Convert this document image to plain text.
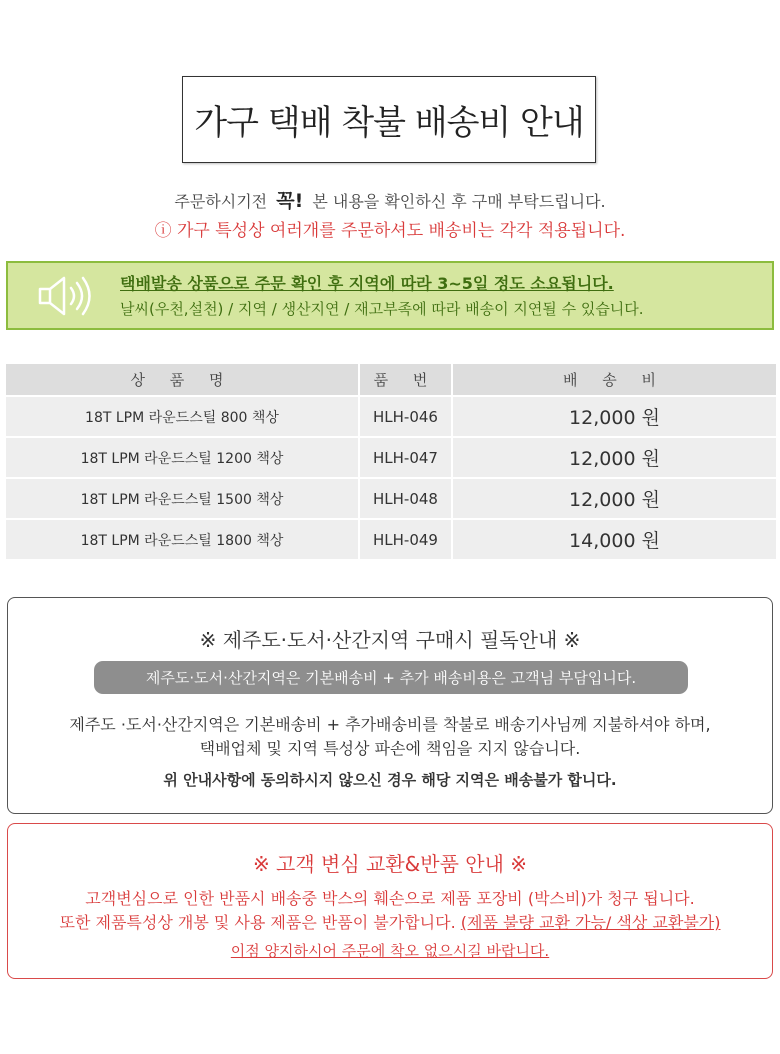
가구 택배 착불 배송비 안내
주문하시기전 꼭! 본 내용을 확인하신 후 구매 부탁드립니다.
ⓘ 가구 특성상 여러개를 주문하셔도 배송비는 각각 적용됩니다.
택배발송 상품으로 주문 확인 후 지역에 따라 3~5일 정도 소요됩니다.
날씨(우천,설천) / 지역 / 생산지연 / 재고부족에 따라 배송이 지연될 수 있습니다.
상 품 명	품 번	배 송 비
18T LPM 라운드스틸 800 책상	HLH-046	12,000 원
18T LPM 라운드스틸 1200 책상	HLH-047	12,000 원
18T LPM 라운드스틸 1500 책상	HLH-048	12,000 원
18T LPM 라운드스틸 1800 책상	HLH-049	14,000 원
※ 제주도·도서·산간지역 구매시 필독안내 ※
제주도·도서·산간지역은 기본배송비 + 추가 배송비용은 고객님 부담입니다.
제주도 ·도서·산간지역은 기본배송비 + 추가배송비를 착불로 배송기사님께 지불하셔야 하며,
택배업체 및 지역 특성상 파손에 책임을 지지 않습니다.
위 안내사항에 동의하시지 않으신 경우 해당 지역은 배송불가 합니다.
※ 고객 변심 교환&반품 안내 ※
고객변심으로 인한 반품시 배송중 박스의 훼손으로 제품 포장비 (박스비)가 청구 됩니다.
또한 제품특성상 개봉 및 사용 제품은 반품이 불가합니다. (제품 불량 교환 가능/ 색상 교환불가)
이점 양지하시어 주문에 착오 없으시길 바랍니다.
